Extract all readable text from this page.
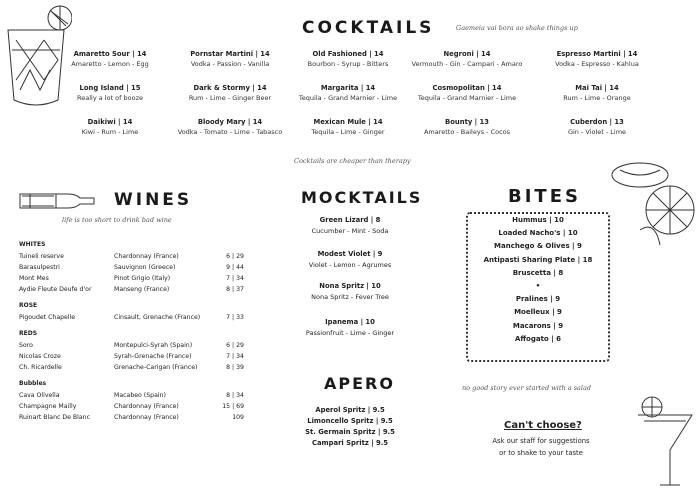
COCKTAILS	Gaemeia vai bora ao shake things up
Amaretto Sour | 14
Amaretto - Lemon - Egg
Pornstar Martini | 14
Vodka - Passion - Vanilla
Old Fashioned | 14
Bourbon - Syrup - Bitters
Negroni | 14
Vermouth - Gin - Campari - Amaro
Espresso Martini | 14
Vodka - Espresso - Kahlua
Long Island | 15
Really a lot of booze
Dark & Stormy | 14
Rum - Lime - Ginger Beer
Margarita | 14
Tequila - Grand Marnier - Lime
Cosmopolitan | 14
Tequila - Grand Marnier - Lime
Mai Tai | 14
Rum - Lime - Orange
Daikiwi | 14
Kiwi - Rum - Lime
Bloody Mary | 14
Vodka - Tomato - Lime - Tabasco
Mexican Mule | 14
Tequila - Lime - Ginger
Bounty | 13
Amaretto - Baileys - Cocos
Cuberdon | 13
Gin - Violet - Lime
Cocktails are cheaper than therapy
WINES
life is too short to drink bad wine
WHITES
Tuineli reserve	Chardonnay (France)	6 | 29
Barasulpestri	Sauvignon (Greece)	9 | 44
Mont Mes	Pinot Grigio (Italy)	7 | 34
Aydie Fleute Deufe d'or	Manseng (France)	8 | 37
ROSE
Pigoudet Chapelle	Cinsault, Grenache (France)	7 | 33
REDS
Soro	Montepulci-Syrah (Spain)	6 | 29
Nicolas Croze	Syrah-Grenache (France)	7 | 34
Ch. Ricardelle	Grenache-Carigan (France)	8 | 39
Bubbles
Cava Olivella	Macabeo (Spain)	8 | 34
Champagne Mailly	Chardonnay (France)	15 | 69
Ruinart Blanc De Blanc	Chardonnay (France)	109
MOCKTAILS
Green Lizard | 8
Cucumber - Mint - Soda
Modest Violet | 9
Violet - Lemon - Agrumes
Nona Spritz | 10
Nona Spritz - Fever Tree
Ipanema | 10
Passionfruit - Lime - Ginger
APERO
Aperol Spritz | 9.5
Limoncello Spritz | 9.5
St. Germain Spritz | 9.5
Campari Spritz | 9.5
BITES
Hummus | 10
Loaded Nacho's | 10
Manchego & Olives | 9
Antipasti Sharing Plate | 18
Bruscetta | 8
•
Pralines | 9
Moelleux | 9
Macarons | 9
Affogato | 6
no good story ever started with a salad
Can't choose?
Ask our staff for suggestions
or to shake to your taste
